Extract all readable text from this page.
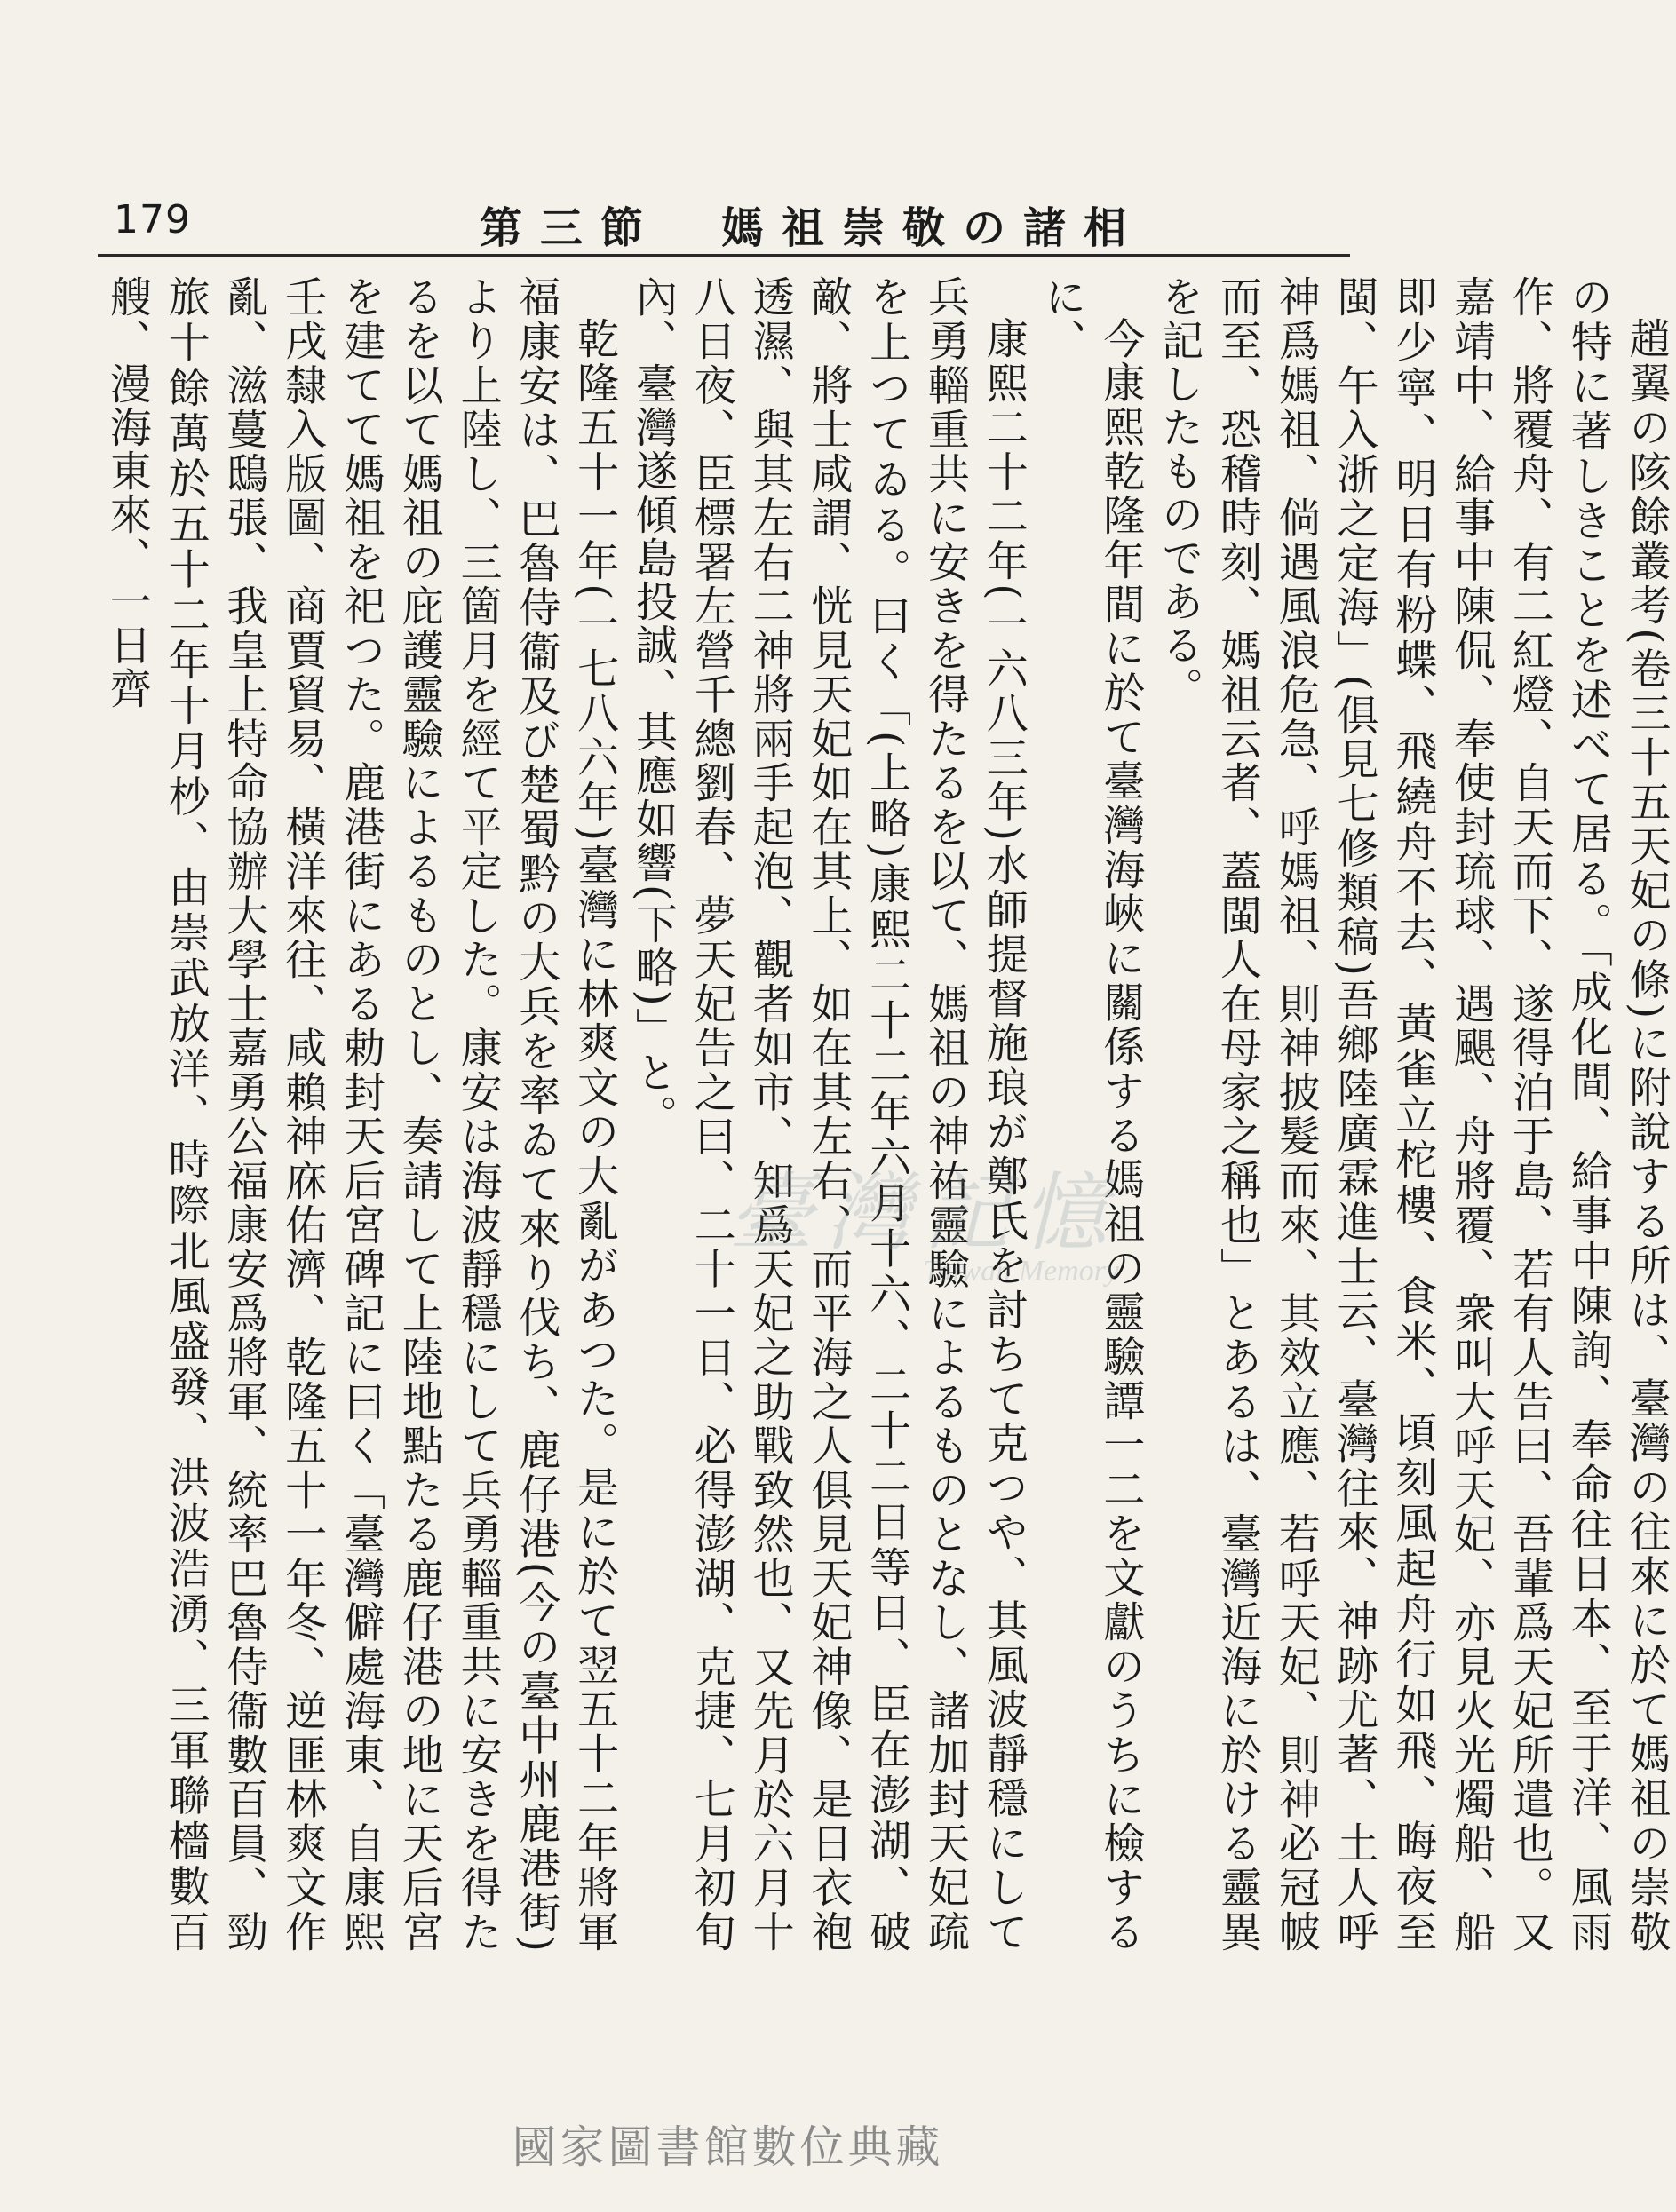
179	第三節　媽祖崇敬の諸相

趙翼の陔餘叢考(卷三十五天妃の條)に附說する所は、臺灣の往來に於て媽祖の崇敬の特に著しきことを述べて居る。「成化間、給事中陳詢、奉命往日本、至于洋、風雨作、將覆舟、有二紅燈、自天而下、遂得泊于島、若有人告曰、吾輩爲天妃所遣也。又嘉靖中、給事中陳侃、奉使封琉球、遇颶、舟將覆、衆叫大呼天妃、亦見火光燭船、船即少寧、明日有粉蝶、飛繞舟不去、黃雀立柁樓、食米、頃刻風起舟行如飛、晦夜至閩、午入浙之定海」(俱見七修類稿)吾鄉陸廣霖進士云、臺灣往來、神跡尤著、土人呼神爲媽祖、倘遇風浪危急、呼媽祖、則神披髮而來、其效立應、若呼天妃、則神必冠帔而至、恐稽時刻、媽祖云者、蓋閩人在母家之稱也」とあるは、臺灣近海に於ける靈異を記したものである。

今康熙乾隆年間に於て臺灣海峽に關係する媽祖の靈驗譚一二を文獻のうちに檢するに、

康熙二十二年(一六八三年)水師提督施琅が鄭氏を討ちて克つや、其風波靜穩にして兵勇輜重共に安きを得たるを以て、媽祖の神祐靈驗によるものとなし、諸加封天妃疏を上つてゐる。曰く「(上略)康熙二十二年六月十六、二十二日等日、臣在澎湖、破敵、將士咸謂、恍見天妃如在其上、如在其左右、而平海之人俱見天妃神像、是日衣袍透濕、與其左右二神將兩手起泡、觀者如市、知爲天妃之助戰致然也、又先月於六月十八日夜、臣標署左營千總劉春、夢天妃告之曰、二十一日、必得澎湖、克捷、七月初旬內、臺灣遂傾島投誠、其應如響(下略)」と。

乾隆五十一年(一七八六年)臺灣に林爽文の大亂があつた。是に於て翌五十二年將軍福康安は、巴魯侍衞及び楚蜀黔の大兵を率ゐて來り伐ち、鹿仔港(今の臺中州鹿港街)より上陸し、三箇月を經て平定した。康安は海波靜穩にして兵勇輜重共に安きを得たるを以て媽祖の庇護靈驗によるものとし、奏請して上陸地點たる鹿仔港の地に天后宮を建てて媽祖を祀つた。鹿港街にある勅封天后宮碑記に曰く「臺灣僻處海東、自康熙壬戌隸入版圖、商賈貿易、橫洋來往、咸賴神庥佑濟、乾隆五十一年冬、逆匪林爽文作亂、滋蔓鴟張、我皇上特命協辦大學士嘉勇公福康安爲將軍、統率巴魯侍衞數百員、勁旅十餘萬於五十二年十月杪、由崇武放洋、時際北風盛發、洪波浩湧、三軍聯檣數百艘、漫海東來、一日齊

臺灣記憶
Taiwan Memory
國家圖書館數位典藏
